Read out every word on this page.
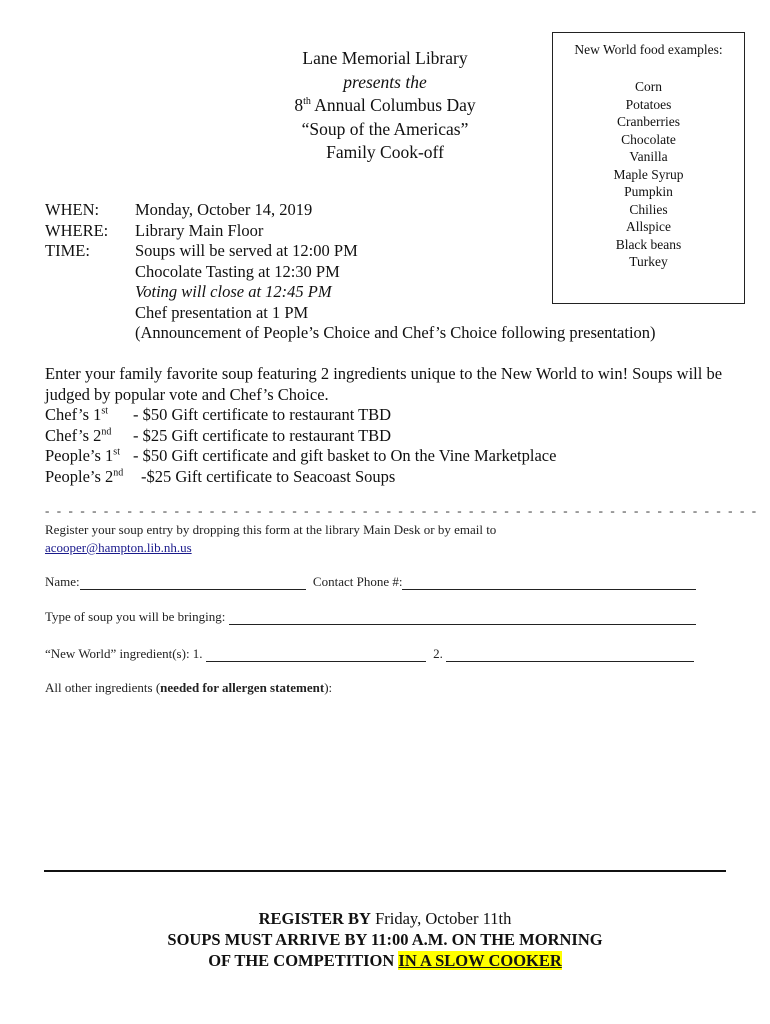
Lane Memorial Library
presents the
8th Annual Columbus Day
“Soup of the Americas”
Family Cook-off
New World food examples:
Corn
Potatoes
Cranberries
Chocolate
Vanilla
Maple Syrup
Pumpkin
Chilies
Allspice
Black beans
Turkey
WHEN: Monday, October 14, 2019
WHERE: Library Main Floor
TIME:	Soups will be served at 12:00 PM
Chocolate Tasting at 12:30 PM
Voting will close at 12:45 PM
Chef presentation at 1 PM
(Announcement of People’s Choice and Chef’s Choice following presentation)
Enter your family favorite soup featuring 2 ingredients unique to the New World to win! Soups will be judged by popular vote and Chef’s Choice.
Chef’s 1st - $50 Gift certificate to restaurant TBD
Chef’s 2nd - $25 Gift certificate to restaurant TBD
People’s 1st - $50 Gift certificate and gift basket to On the Vine Marketplace
People’s 2nd -$25 Gift certificate to Seacoast Soups
- - - - - - - - - - - - - - - - - - - - - - - - - - - - - - - - - - - - - - - - - - - - - - - - - - - - - - - - - - - - -
Register your soup entry by dropping this form at the library Main Desk or by email to
acooper@hampton.lib.nh.us
Name:	Contact Phone #:
Type of soup you will be bringing:
“New World” ingredient(s): 1.	2.
All other ingredients (needed for allergen statement):
REGISTER BY Friday, October 11th
SOUPS MUST ARRIVE BY 11:00 A.M. ON THE MORNING
OF THE COMPETITION IN A SLOW COOKER
